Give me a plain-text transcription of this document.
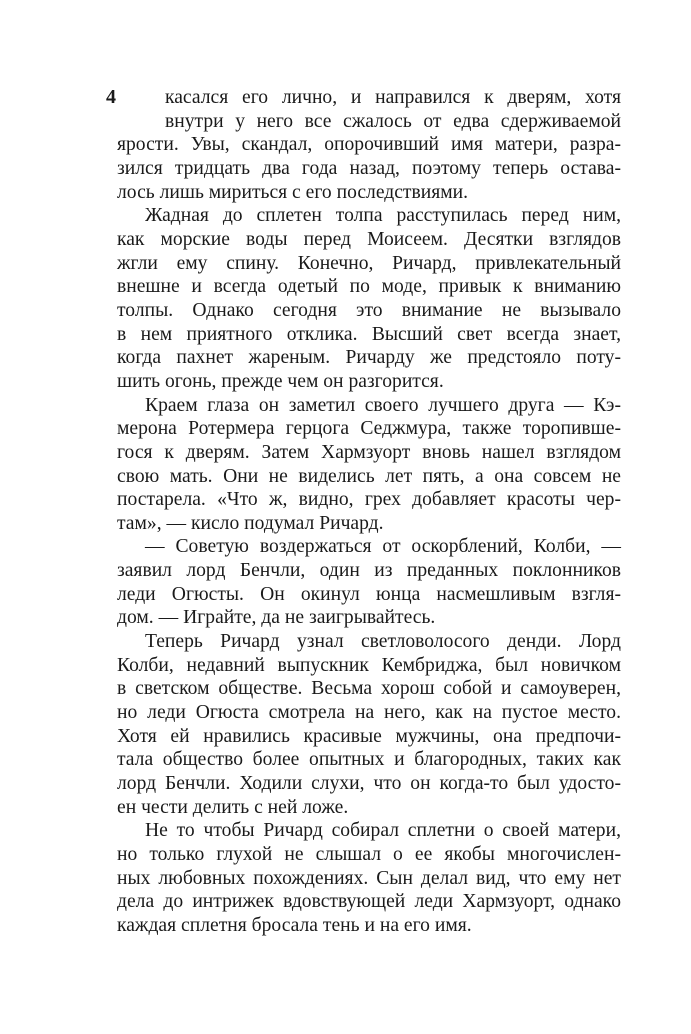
4	касался его лично, и направился к дверям, хотя
внутри у него все сжалось от едва сдерживаемой
ярости. Увы, скандал, опорочивший имя матери, разра-
зился тридцать два года назад, поэтому теперь остава-
лось лишь мириться с его последствиями.
Жадная до сплетен толпа расступилась перед ним,
как морские воды перед Моисеем. Десятки взглядов
жгли ему спину. Конечно, Ричард, привлекательный
внешне и всегда одетый по моде, привык к вниманию
толпы. Однако сегодня это внимание не вызывало
в нем приятного отклика. Высший свет всегда знает,
когда пахнет жареным. Ричарду же предстояло поту-
шить огонь, прежде чем он разгорится.
Краем глаза он заметил своего лучшего друга — Кэ-
мерона Ротермера герцога Седжмура, также торопивше-
гося к дверям. Затем Хармзуорт вновь нашел взглядом
свою мать. Они не виделись лет пять, а она совсем не
постарела. «Что ж, видно, грех добавляет красоты чер-
там», — кисло подумал Ричард.
— Советую воздержаться от оскорблений, Колби, —
заявил лорд Бенчли, один из преданных поклонников
леди Огюсты. Он окинул юнца насмешливым взгля-
дом. — Играйте, да не заигрывайтесь.
Теперь Ричард узнал светловолосого денди. Лорд
Колби, недавний выпускник Кембриджа, был новичком
в светском обществе. Весьма хорош собой и самоуверен,
но леди Огюста смотрела на него, как на пустое место.
Хотя ей нравились красивые мужчины, она предпочи-
тала общество более опытных и благородных, таких как
лорд Бенчли. Ходили слухи, что он когда-то был удосто-
ен чести делить с ней ложе.
Не то чтобы Ричард собирал сплетни о своей матери,
но только глухой не слышал о ее якобы многочислен-
ных любовных похождениях. Сын делал вид, что ему нет
дела до интрижек вдовствующей леди Хармзуорт, однако
каждая сплетня бросала тень и на его имя.
